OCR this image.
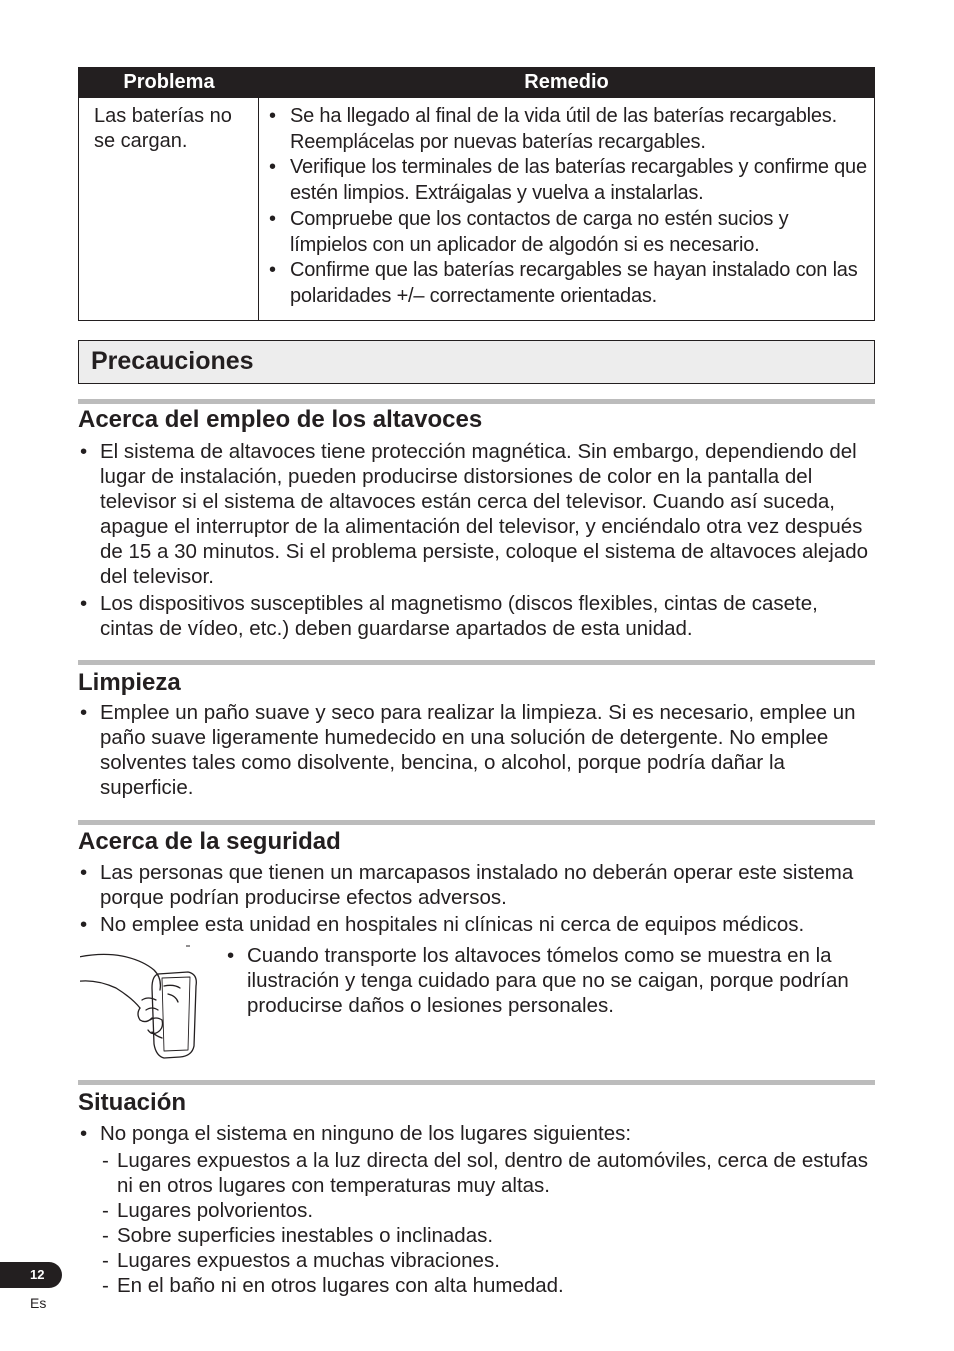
Problema	Remedio
Las baterías no se cargan.
• Se ha llegado al final de la vida útil de las baterías recargables. Reemplácelas por nuevas baterías recargables.
• Verifique los terminales de las baterías recargables y confirme que estén limpios. Extráigalas y vuelva a instalarlas.
• Compruebe que los contactos de carga no estén sucios y límpielos con un aplicador de algodón si es necesario.
• Confirme que las baterías recargables se hayan instalado con las polaridades +/– correctamente orientadas.
Precauciones
Acerca del empleo de los altavoces
• El sistema de altavoces tiene protección magnética. Sin embargo, dependiendo del lugar de instalación, pueden producirse distorsiones de color en la pantalla del televisor si el sistema de altavoces están cerca del televisor. Cuando así suceda, apague el interruptor de la alimentación del televisor, y enciéndalo otra vez después de 15 a 30 minutos. Si el problema persiste, coloque el sistema de altavoces alejado del televisor.
• Los dispositivos susceptibles al magnetismo (discos flexibles, cintas de casete, cintas de vídeo, etc.) deben guardarse apartados de esta unidad.
Limpieza
• Emplee un paño suave y seco para realizar la limpieza. Si es necesario, emplee un paño suave ligeramente humedecido en una solución de detergente. No emplee solventes tales como disolvente, bencina, o alcohol, porque podría dañar la superficie.
Acerca de la seguridad
• Las personas que tienen un marcapasos instalado no deberán operar este sistema porque podrían producirse efectos adversos.
• No emplee esta unidad en hospitales ni clínicas ni cerca de equipos médicos.
• Cuando transporte los altavoces tómelos como se muestra en la ilustración y tenga cuidado para que no se caigan, porque podrían producirse daños o lesiones personales.
Situación
• No ponga el sistema en ninguno de los lugares siguientes:
- Lugares expuestos a la luz directa del sol, dentro de automóviles, cerca de estufas ni en otros lugares con temperaturas muy altas.
- Lugares polvorientos.
- Sobre superficies inestables o inclinadas.
- Lugares expuestos a muchas vibraciones.
- En el baño ni en otros lugares con alta humedad.
12
Es
